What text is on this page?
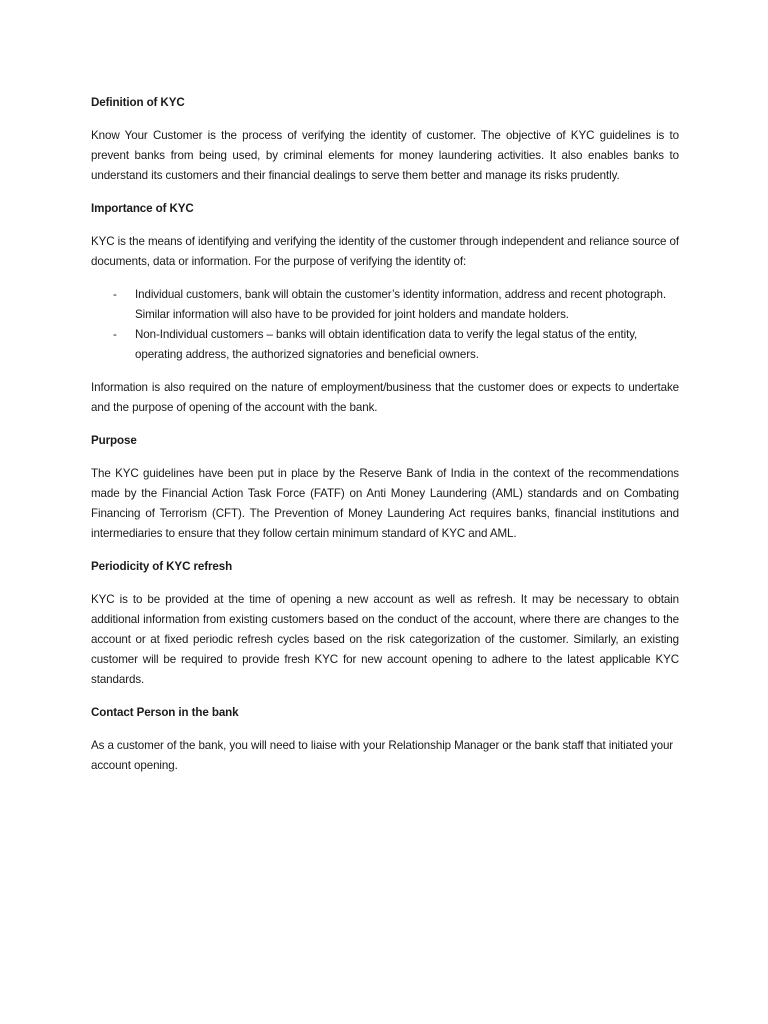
Definition of KYC

Know Your Customer is the process of verifying the identity of customer. The objective of KYC guidelines is to prevent banks from being used, by criminal elements for money laundering activities. It also enables banks to understand its customers and their financial dealings to serve them better and manage its risks prudently.

Importance of KYC

KYC is the means of identifying and verifying the identity of the customer through independent and reliance source of documents, data or information. For the purpose of verifying the identity of:

- Individual customers, bank will obtain the customer’s identity information, address and recent photograph. Similar information will also have to be provided for joint holders and mandate holders.
- Non-Individual customers – banks will obtain identification data to verify the legal status of the entity, operating address, the authorized signatories and beneficial owners.

Information is also required on the nature of employment/business that the customer does or expects to undertake and the purpose of opening of the account with the bank.

Purpose

The KYC guidelines have been put in place by the Reserve Bank of India in the context of the recommendations made by the Financial Action Task Force (FATF) on Anti Money Laundering (AML) standards and on Combating Financing of Terrorism (CFT). The Prevention of Money Laundering Act requires banks, financial institutions and intermediaries to ensure that they follow certain minimum standard of KYC and AML.

Periodicity of KYC refresh

KYC is to be provided at the time of opening a new account as well as refresh. It may be necessary to obtain additional information from existing customers based on the conduct of the account, where there are changes to the account or at fixed periodic refresh cycles based on the risk categorization of the customer. Similarly, an existing customer will be required to provide fresh KYC for new account opening to adhere to the latest applicable KYC standards.

Contact Person in the bank

As a customer of the bank, you will need to liaise with your Relationship Manager or the bank staff that initiated your account opening.
